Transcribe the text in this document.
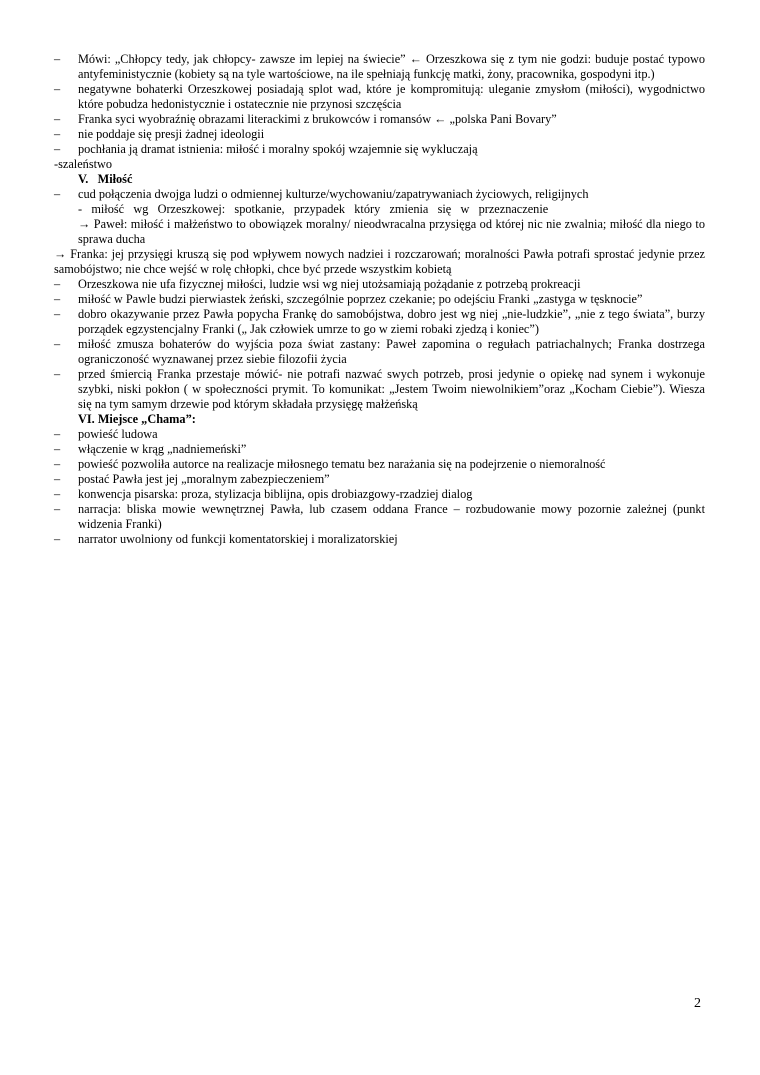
– Mówi: „Chłopcy tedy, jak chłopcy- zawsze im lepiej na świecie” ← Orzeszkowa się z tym nie godzi: buduje postać typowo antyfeministycznie (kobiety są na tyle wartościowe, na ile spełniają funkcję matki, żony, pracownika, gospodyni itp.)
– negatywne bohaterki Orzeszkowej posiadają splot wad, które je kompromitują: uleganie zmysłom (miłości), wygodnictwo które pobudza hedonistycznie i ostatecznie nie przynosi szczęścia
– Franka syci wyobraźnię obrazami literackimi z brukowców i romansów ← „polska Pani Bovary”
– nie poddaje się presji żadnej ideologii
– pochłania ją dramat istnienia: miłość i moralny spokój wzajemnie się wykluczają
-szaleństwo
V.   Miłość
– cud połączenia dwojga ludzi o odmiennej kulturze/wychowaniu/zapatrywaniach życiowych, religijnych
-   miłość   wg   Orzeszkowej:   spotkanie,   przypadek   który   zmienia   się   w   przeznaczenie
→ Paweł: miłość i małżeństwo to obowiązek moralny/ nieodwracalna przysięga od której nic nie zwalnia; miłość dla niego to sprawa ducha
→ Franka: jej przysięgi kruszą się pod wpływem nowych nadziei i rozczarowań; moralności Pawła potrafi sprostać jedynie przez samobójstwo; nie chce wejść w rolę chłopki, chce być przede wszystkim kobietą
– Orzeszkowa nie ufa fizycznej miłości, ludzie wsi wg niej utożsamiają pożądanie z potrzebą prokreacji
– miłość w Pawle budzi pierwiastek żeński, szczególnie poprzez czekanie; po odejściu Franki „zastyga w tęsknocie”
– dobro okazywanie przez Pawła popycha Frankę do samobójstwa, dobro jest wg niej „nie-ludzkie”, „nie z tego świata”, burzy porządek egzystencjalny Franki („ Jak człowiek umrze to go w ziemi robaki zjedzą i koniec”)
– miłość zmusza bohaterów do wyjścia poza świat zastany: Paweł zapomina o regułach patriachalnych; Franka dostrzega ograniczoność wyznawanej przez siebie filozofii życia
– przed śmiercią Franka przestaje mówić- nie potrafi nazwać swych potrzeb, prosi jedynie o opiekę nad synem i wykonuje szybki, niski pokłon ( w społeczności prymit. To komunikat: „Jestem Twoim niewolnikiem”oraz „Kocham Ciebie”). Wiesza się na tym samym drzewie pod którym składała przysięgę małżeńską
VI. Miejsce „Chama”:
– powieść ludowa
– włączenie w krąg „nadniemeński”
– powieść pozwoliła autorce na realizacje miłosnego tematu bez narażania się na podejrzenie o niemoralność
– postać Pawła jest jej „moralnym zabezpieczeniem”
– konwencja pisarska: proza, stylizacja biblijna, opis drobiazgowy-rzadziej dialog
– narracja: bliska mowie wewnętrznej Pawła, lub czasem oddana France – rozbudowanie mowy pozornie zależnej (punkt widzenia Franki)
– narrator uwolniony od funkcji komentatorskiej i moralizatorskiej
2
